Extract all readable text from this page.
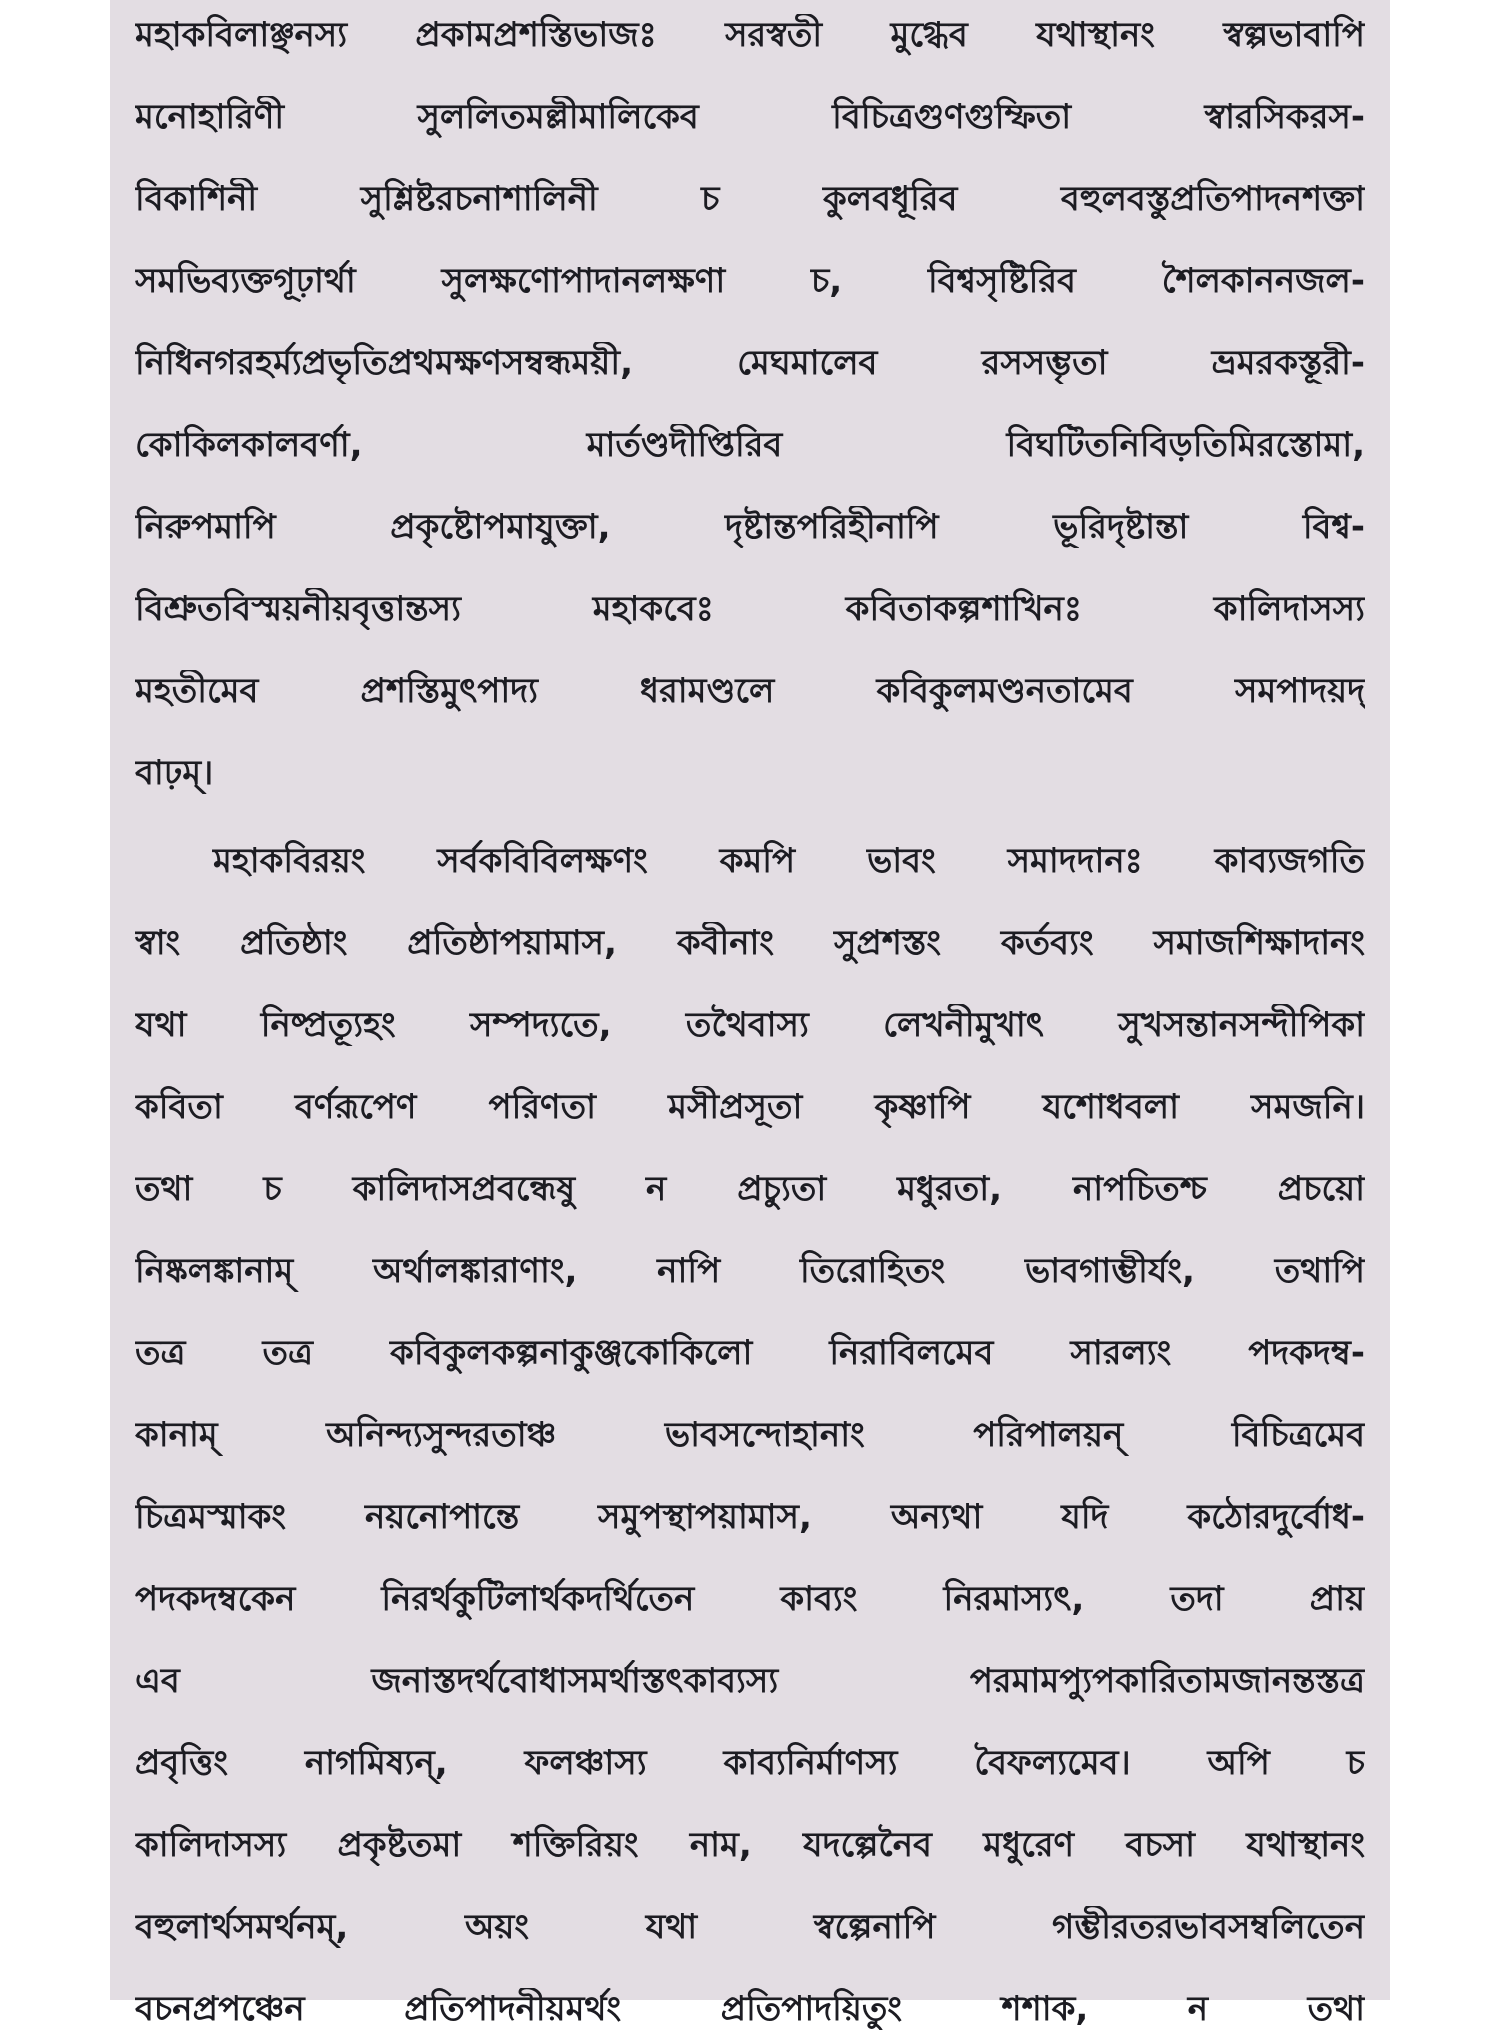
মহাকবিলাঞ্ছনস্য প্রকামপ্রশস্তিভাজঃ সরস্বতী মুগ্ধেব যথাস্থানং স্বল্পভাবাপি
মনোহারিণী সুললিতমল্লীমালিকেব বিচিত্রগুণগুম্ফিতা স্বারসিকরস-
বিকাশিনী সুশ্লিষ্টরচনাশালিনী চ কুলবধূরিব বহুলবস্তুপ্রতিপাদনশক্তা
সমভিব্যক্তগূঢ়ার্থা সুলক্ষণোপাদানলক্ষণা চ, বিশ্বসৃষ্টিরিব শৈলকাননজল-
নিধিনগরহর্ম্যপ্রভৃতিপ্রথমক্ষণসম্বন্ধময়ী, মেঘমালেব রসসম্ভৃতা ভ্রমরকস্তূরী-
কোকিলকালবর্ণা, মার্তণ্ডদীপ্তিরিব বিঘটিতনিবিড়তিমিরস্তোমা,
নিরুপমাপি প্রকৃষ্টোপমাযুক্তা, দৃষ্টান্তপরিহীনাপি ভূরিদৃষ্টান্তা বিশ্ব-
বিশ্রুতবিস্ময়নীয়বৃত্তান্তস্য মহাকবেঃ কবিতাকল্পশাখিনঃ কালিদাসস্য
মহতীমেব প্রশস্তিমুৎপাদ্য ধরামণ্ডলে কবিকুলমণ্ডনতামেব সমপাদয়দ্
বাঢ়ম্।
মহাকবিরয়ং সর্বকবিবিলক্ষণং কমপি ভাবং সমাদদানঃ কাব্যজগতি
স্বাং প্রতিষ্ঠাং প্রতিষ্ঠাপয়ামাস, কবীনাং সুপ্রশস্তং কর্তব্যং সমাজশিক্ষাদানং
যথা নিষ্প্রত্যূহং সম্পদ্যতে, তথৈবাস্য লেখনীমুখাৎ সুখসন্তানসন্দীপিকা
কবিতা বর্ণরূপেণ পরিণতা মসীপ্রসূতা কৃষ্ণাপি যশোধবলা সমজনি।
তথা চ কালিদাসপ্রবন্ধেষু ন প্রচ্যুতা মধুরতা, নাপচিতশ্চ প্রচয়ো
নিষ্কলঙ্কানাম্ অর্থালঙ্কারাণাং, নাপি তিরোহিতং ভাবগাম্ভীর্যং, তথাপি
তত্র তত্র কবিকুলকল্পনাকুঞ্জকোকিলো নিরাবিলমেব সারল্যং পদকদম্ব-
কানাম্ অনিন্দ্যসুন্দরতাঞ্চ ভাবসন্দোহানাং পরিপালয়ন্ বিচিত্রমেব
চিত্রমস্মাকং নয়নোপান্তে সমুপস্থাপয়ামাস, অন্যথা যদি কঠোরদুর্বোধ-
পদকদম্বকেন নিরর্থকুটিলার্থকদর্থিতেন কাব্যং নিরমাস্যৎ, তদা প্রায়
এব জনাস্তদর্থবোধাসমর্থাস্তৎকাব্যস্য পরমামপ্যুপকারিতামজানন্তস্তত্র
প্রবৃত্তিং নাগমিষ্যন্, ফলঞ্চাস্য কাব্যনির্মাণস্য বৈফল্যমেব। অপি চ
কালিদাসস্য প্রকৃষ্টতমা শক্তিরিয়ং নাম, যদল্পেনৈব মধুরেণ বচসা যথাস্থানং
বহুলার্থসমর্থনম্, অয়ং যথা স্বল্পেনাপি গম্ভীরতরভাবসম্বলিতেন
বচনপ্রপঞ্চেন প্রতিপাদনীয়মর্থং প্রতিপাদয়িতুং শশাক, ন তথা
